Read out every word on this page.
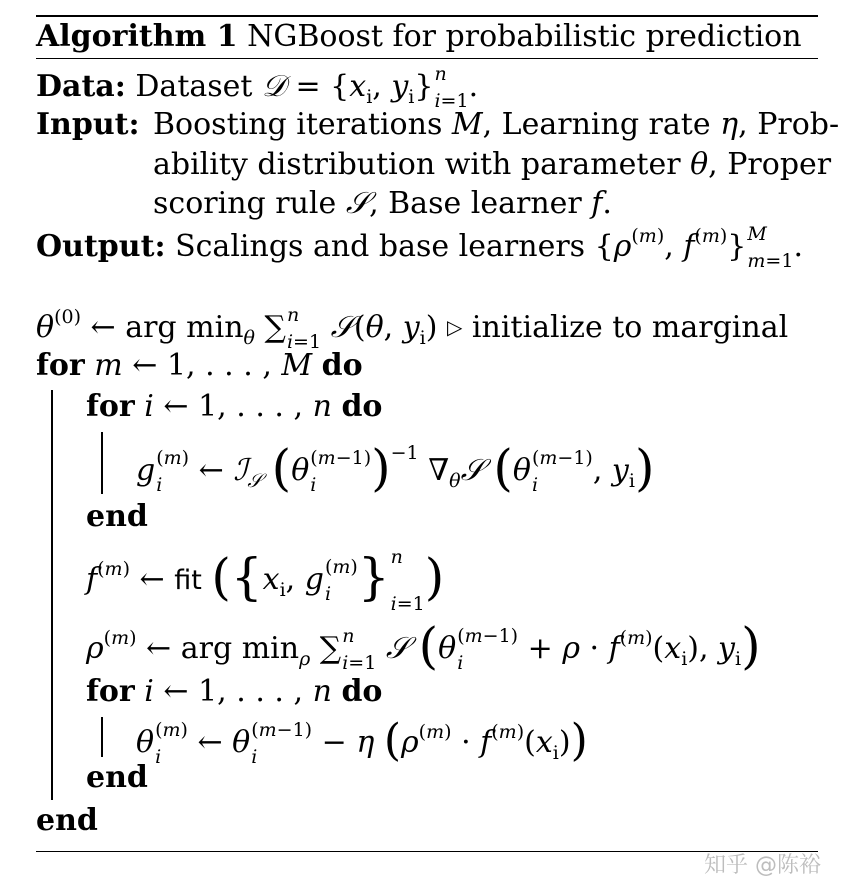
Algorithm 1 NGBoost for probabilistic prediction
Data: Dataset 𝒟 = {$x_i$, $y_i$} n
i=1 .
Input: Boosting iterations M, Learning rate η, Prob-
ability distribution with parameter θ, Proper
scoring rule 𝒮, Base learner f.
Output: Scalings and base learners {$\rho^{(m)}$, $f^{(m)}$} M
m=1 .
$\theta^{(0)}$ ← arg $\min_\theta$ ∑ n
i=1 𝒮(θ, $y_i$) ▷ initialize to marginal
for m ← 1, . . . , M do
for i ← 1, . . . , n do
g (m)
i ← ℐ$_𝒮$ (θ (m−1)
i	)$^{-1}$ $\nabla_\theta 𝒮$ (θ (m−1)
i	, $y_i$)
end
$f^{(m)}$ ← fit ({$x_i$, g (m)
i } n
i=1 )
$\rho^{(m)}$ ← arg $\min_\rho$ ∑ n
i=1 𝒮 (θ (m−1)
i	+ $\rho \cdot f^{(m)}(x_i)$, $y_i$)
for i ← 1, . . . , n do
θ (m)
i ← θ (m−1)
i	− η $(\rho^{(m)} \cdot f^{(m)}(x_i))$
end
end
知乎 @陈裕
